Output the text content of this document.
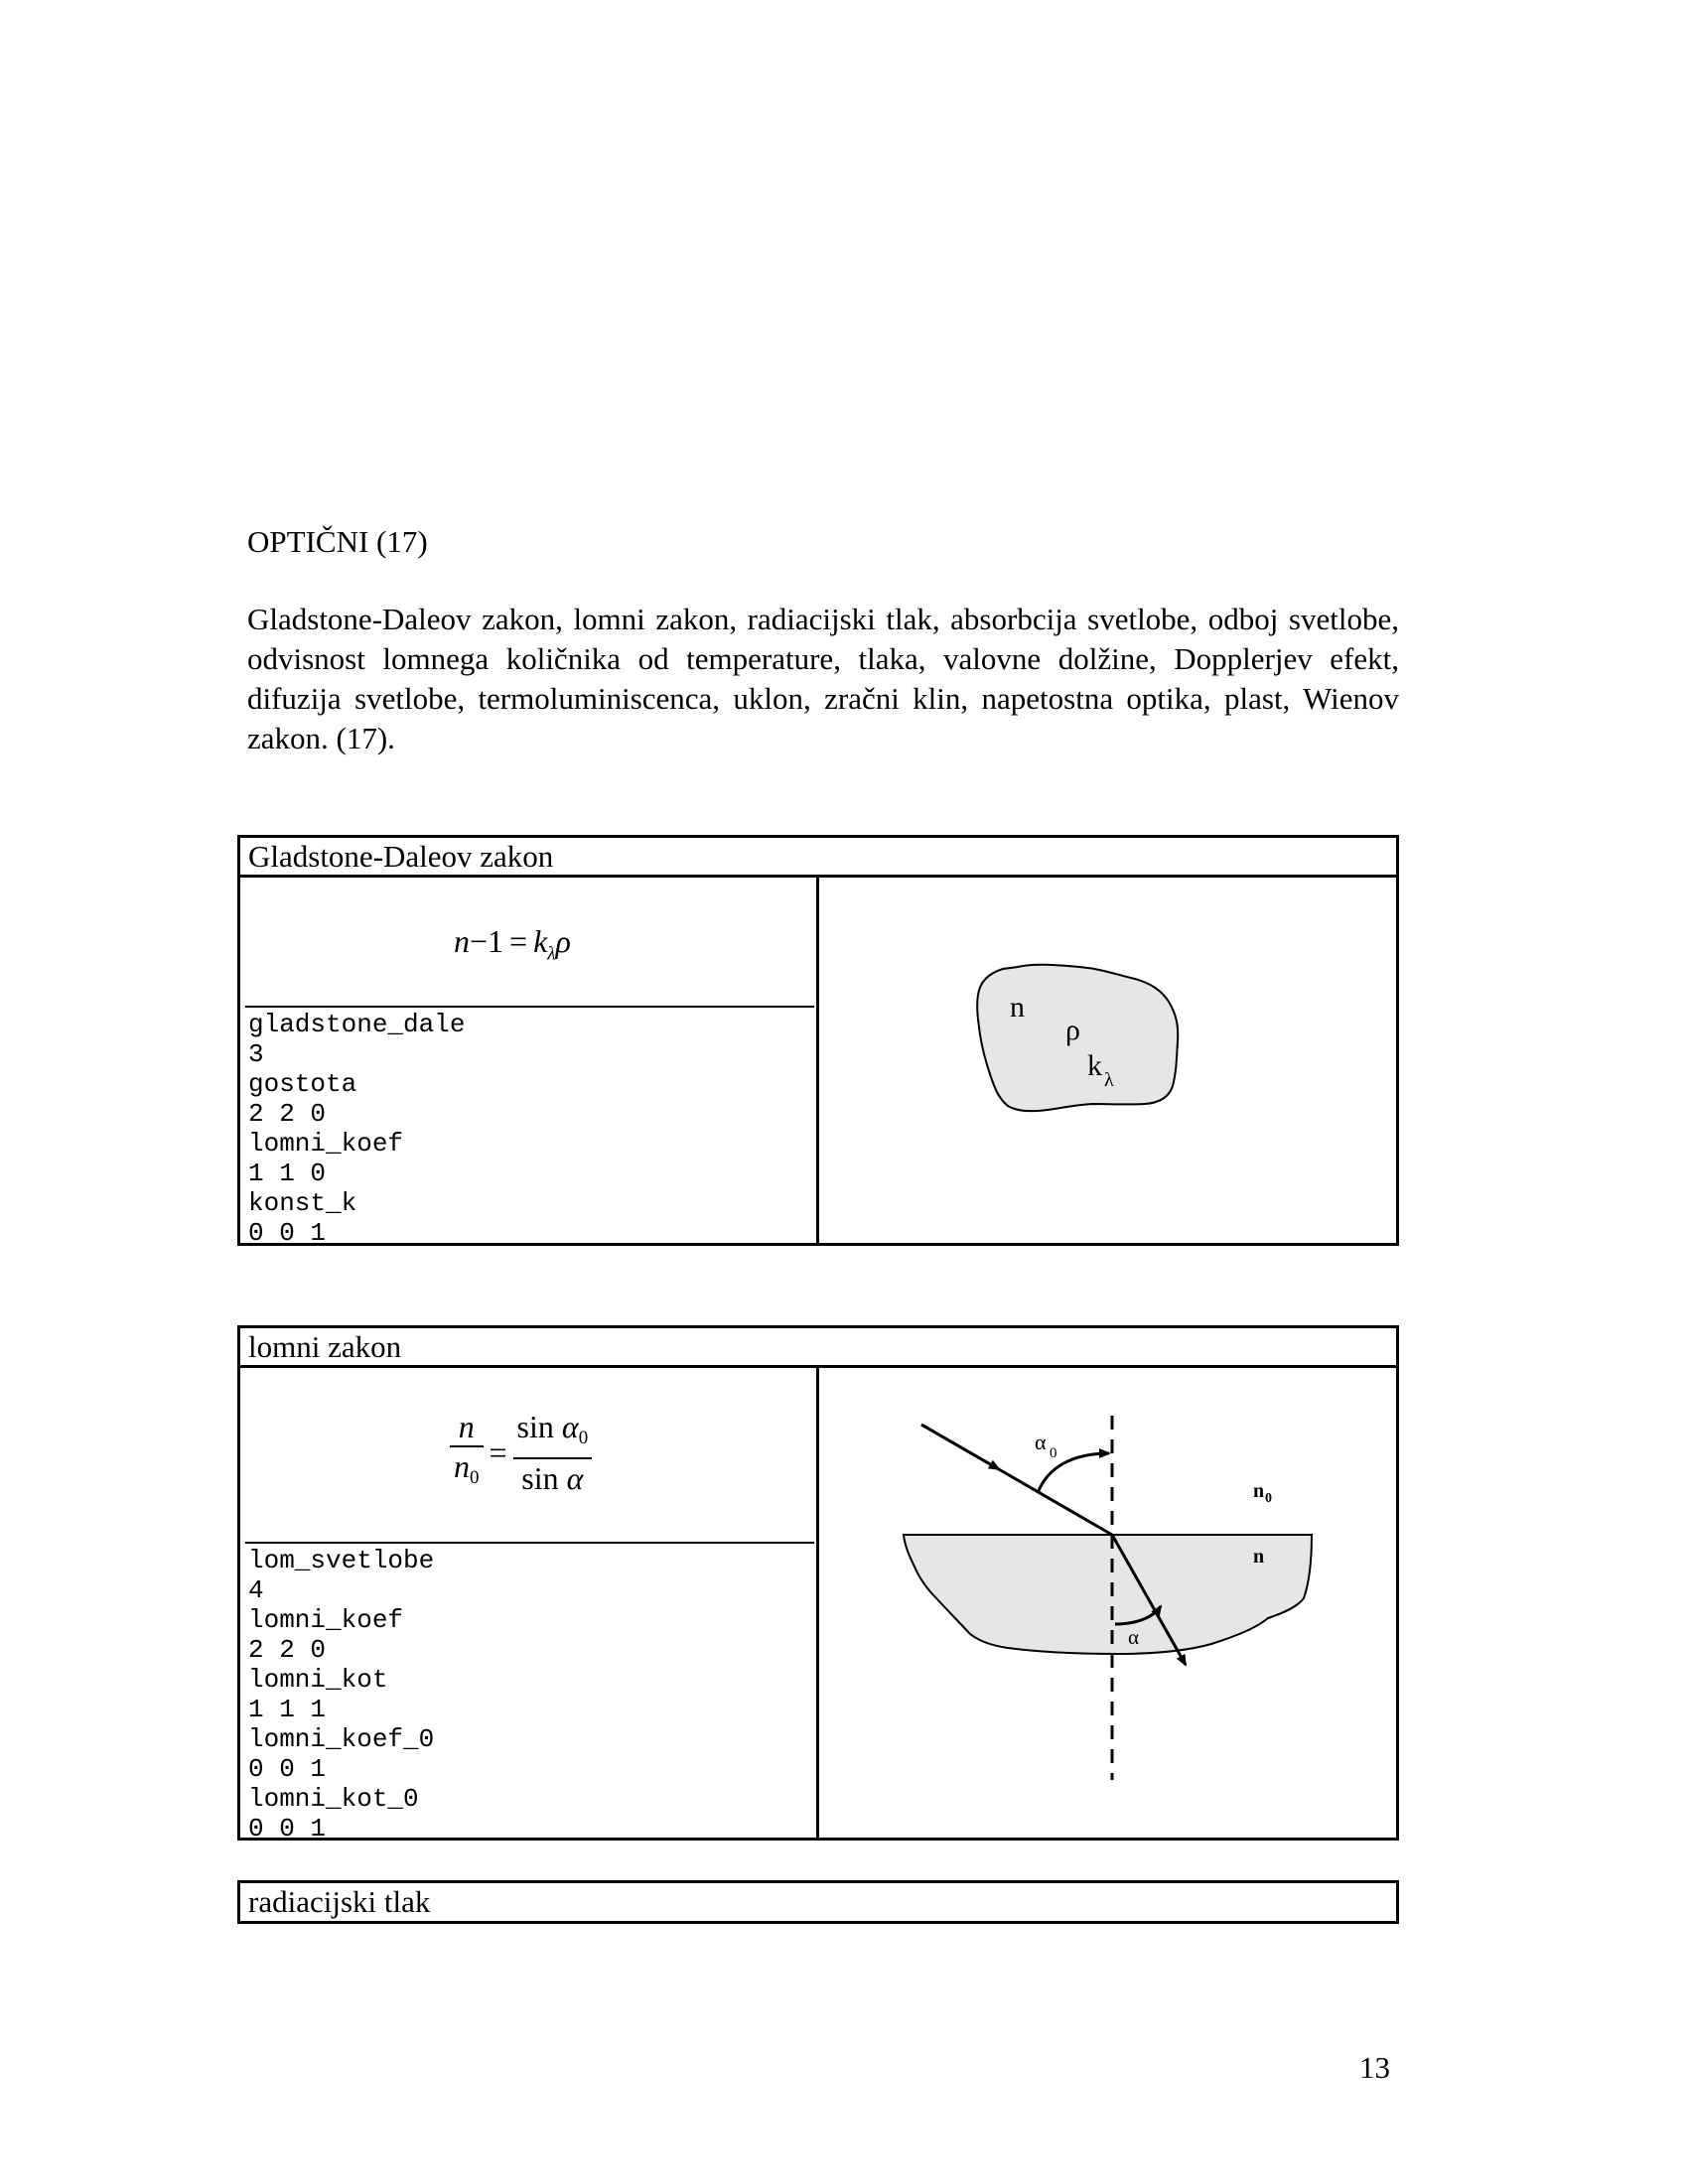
OPTIČNI (17)

Gladstone-Daleov zakon, lomni zakon, radiacijski tlak, absorbcija svetlobe, odboj svetlobe, odvisnost lomnega količnika od temperature, tlaka, valovne dolžine, Dopplerjev efekt, difuzija svetlobe, termoluminiscenca, uklon, zračni klin, napetostna optika, plast, Wienov zakon. (17).

Gladstone-Daleov zakon
$n-1 = k_\lambda\rho$
gladstone_dale
3
gostota
2 2 0
lomni_koef
1 1 0
konst_k
0 0 1
n
ρ
k λ
lomni zakon
$\frac{n}{n0} = \frac{\text{sin α0}}{\text{sin α}}$
lom_svetlobe
4
lomni_koef
2 2 0
lomni_kot
1 1 1
lomni_koef_0
0 0 1
lomni_kot_0
0 0 1
α 0
n 0
n
α
radiacijski tlak

13
